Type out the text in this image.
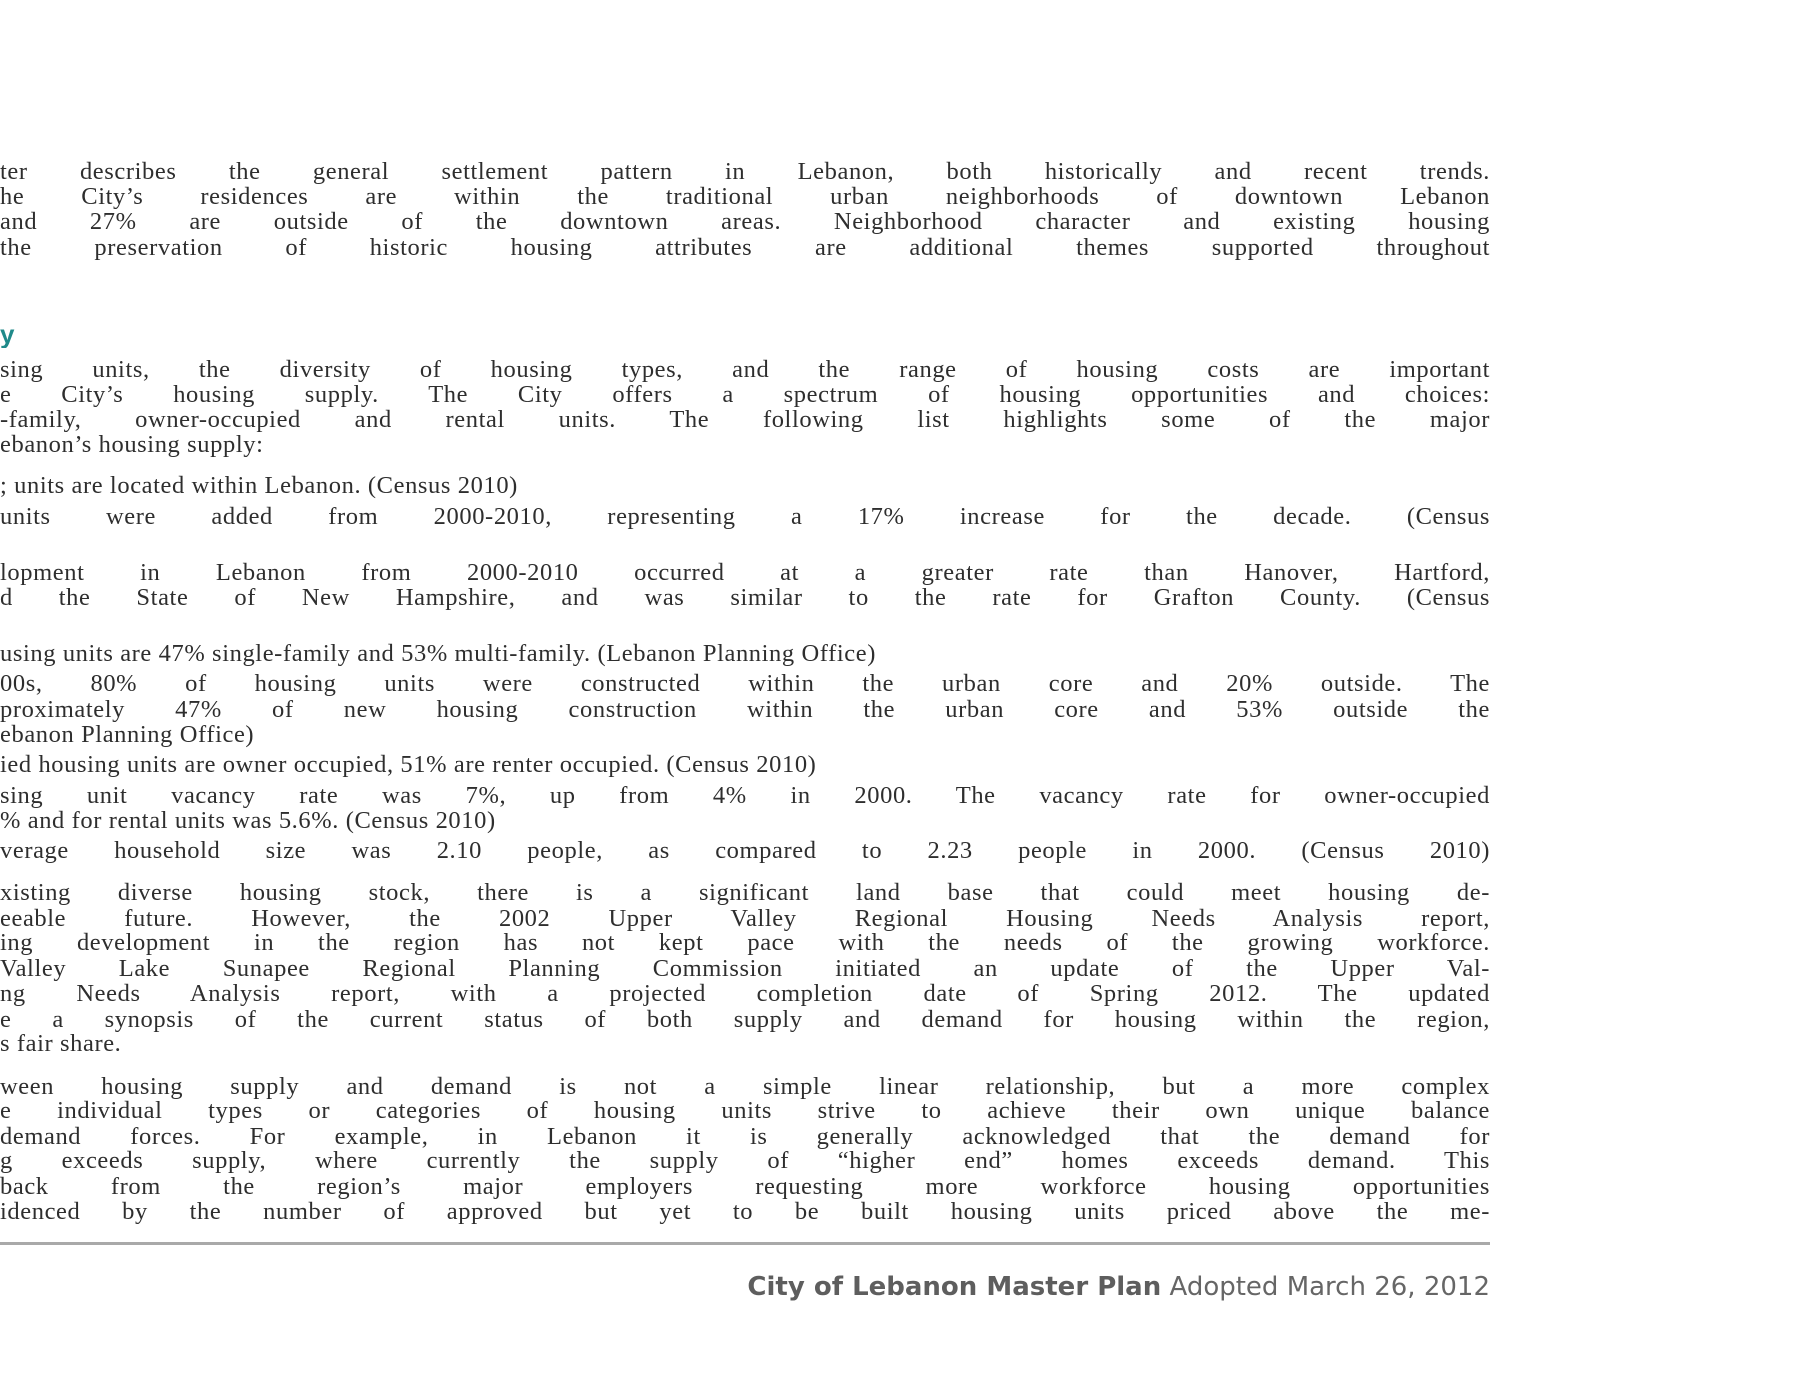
ter describes the general settlement pattern in Lebanon, both historically and recent trends.
he City’s residences are within the traditional urban neighborhoods of downtown Lebanon
and 27% are outside of the downtown areas. Neighborhood character and existing housing
the preservation of historic housing attributes are additional themes supported throughout
y
sing units, the diversity of housing types, and the range of housing costs are important
e City’s housing supply. The City offers a spectrum of housing opportunities and choices:
-family, owner-occupied and rental units. The following list highlights some of the major
ebanon’s housing supply:
; units are located within Lebanon. (Census 2010)
units were added from 2000-2010, representing a 17% increase for the decade. (Census
lopment in Lebanon from 2000-2010 occurred at a greater rate than Hanover, Hartford,
d the State of New Hampshire, and was similar to the rate for Grafton County. (Census
using units are 47% single-family and 53% multi-family. (Lebanon Planning Office)
00s, 80% of housing units were constructed within the urban core and 20% outside. The
proximately 47% of new housing construction within the urban core and 53% outside the
ebanon Planning Office)
ied housing units are owner occupied, 51% are renter occupied. (Census 2010)
sing unit vacancy rate was 7%, up from 4% in 2000. The vacancy rate for owner-occupied
% and for rental units was 5.6%. (Census 2010)
verage household size was 2.10 people, as compared to 2.23 people in 2000. (Census 2010)
xisting diverse housing stock, there is a significant land base that could meet housing de-
eeable future. However, the 2002 Upper Valley Regional Housing Needs Analysis report,
ing development in the region has not kept pace with the needs of the growing workforce.
Valley Lake Sunapee Regional Planning Commission initiated an update of the Upper Val-
ng Needs Analysis report, with a projected completion date of Spring 2012. The updated
e a synopsis of the current status of both supply and demand for housing within the region,
s fair share.
ween housing supply and demand is not a simple linear relationship, but a more complex
e individual types or categories of housing units strive to achieve their own unique balance
demand forces. For example, in Lebanon it is generally acknowledged that the demand for
g exceeds supply, where currently the supply of “higher end” homes exceeds demand. This
back from the region’s major employers requesting more workforce housing opportunities
idenced by the number of approved but yet to be built housing units priced above the me-
City of Lebanon Master Plan Adopted March 26, 2012
